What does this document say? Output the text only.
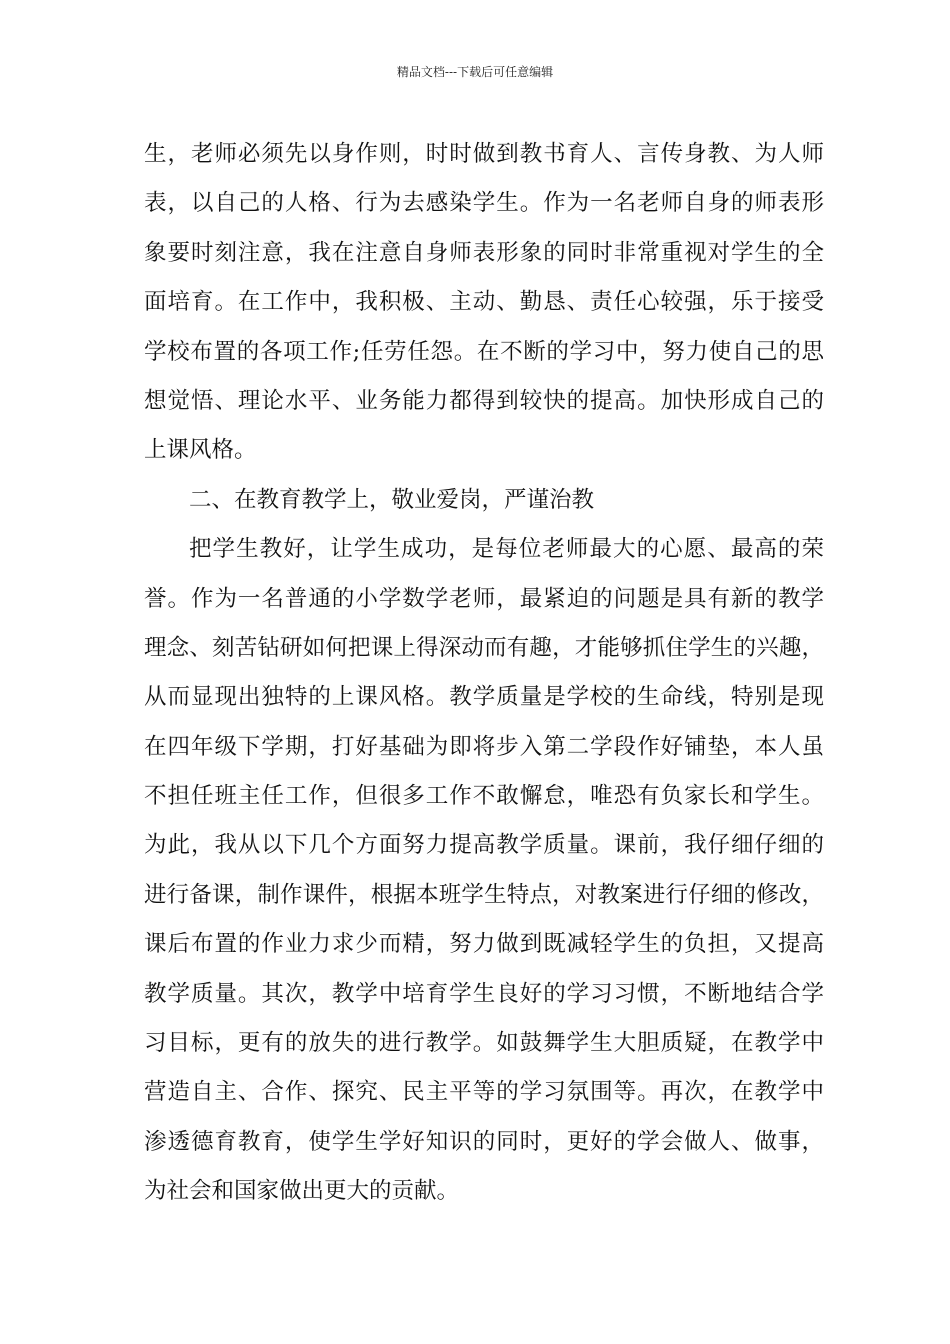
精品文档---下载后可任意编辑
生，老师必须先以身作则，时时做到教书育人、言传身教、为人师
表，以自己的人格、行为去感染学生。作为一名老师自身的师表形
象要时刻注意，我在注意自身师表形象的同时非常重视对学生的全
面培育。在工作中，我积极、主动、勤恳、责任心较强，乐于接受
学校布置的各项工作;任劳任怨。在不断的学习中，努力使自己的思
想觉悟、理论水平、业务能力都得到较快的提高。加快形成自己的
上课风格。
二、在教育教学上，敬业爱岗，严谨治教
把学生教好，让学生成功，是每位老师最大的心愿、最高的荣
誉。作为一名普通的小学数学老师，最紧迫的问题是具有新的教学
理念、刻苦钻研如何把课上得深动而有趣，才能够抓住学生的兴趣，
从而显现出独特的上课风格。教学质量是学校的生命线，特别是现
在四年级下学期，打好基础为即将步入第二学段作好铺垫，本人虽
不担任班主任工作，但很多工作不敢懈怠，唯恐有负家长和学生。
为此，我从以下几个方面努力提高教学质量。课前，我仔细仔细的
进行备课，制作课件，根据本班学生特点，对教案进行仔细的修改，
课后布置的作业力求少而精，努力做到既减轻学生的负担，又提高
教学质量。其次，教学中培育学生良好的学习习惯，不断地结合学
习目标，更有的放失的进行教学。如鼓舞学生大胆质疑，在教学中
营造自主、合作、探究、民主平等的学习氛围等。再次，在教学中
渗透德育教育，使学生学好知识的同时，更好的学会做人、做事，
为社会和国家做出更大的贡献。
